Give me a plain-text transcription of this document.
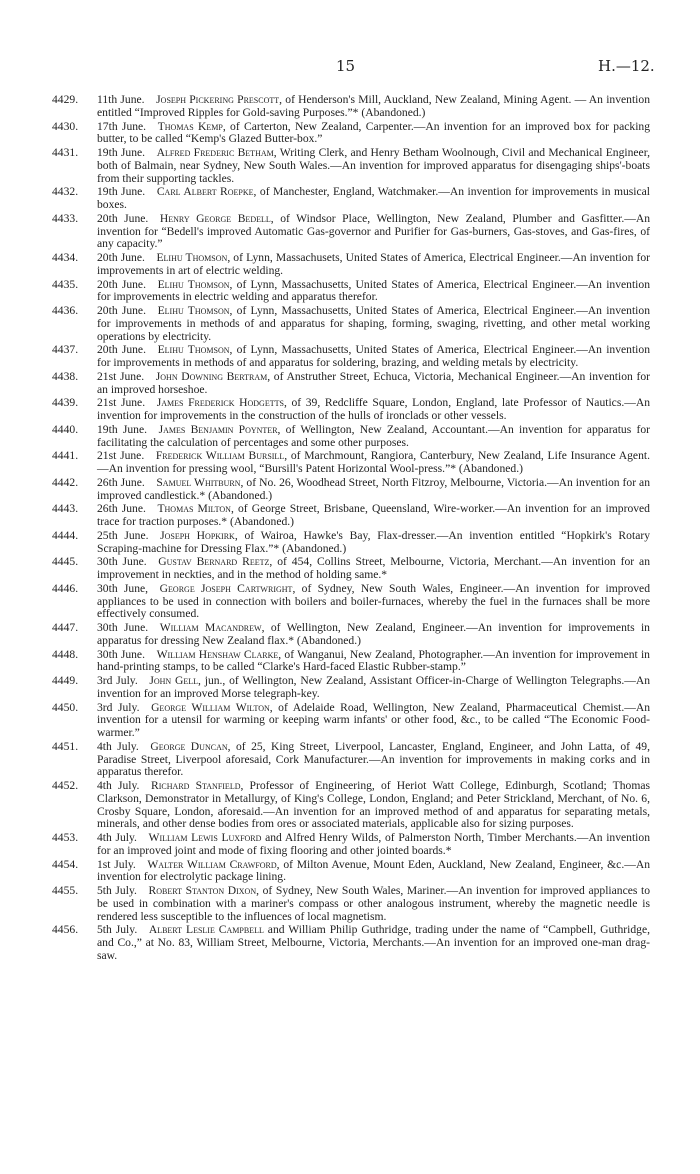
15	H.—12.
4429. 11th June.  Joseph Pickering Prescott, of Henderson's Mill, Auckland, New Zealand, Mining Agent. — An invention entitled “Improved Ripples for Gold-saving Purposes.”* (Abandoned.)
4430. 17th June.  Thomas Kemp, of Carterton, New Zealand, Carpenter.—An invention for an improved box for packing butter, to be called “Kemp's Glazed Butter-box.”
4431. 19th June.  Alfred Frederic Betham, Writing Clerk, and Henry Betham Woolnough, Civil and Mechanical Engineer, both of Balmain, near Sydney, New South Wales.—An invention for improved apparatus for disengaging ships'-boats from their supporting tackles.
4432. 19th June.  Carl Albert Roepke, of Manchester, England, Watchmaker.—An invention for improvements in musical boxes.
4433. 20th June.  Henry George Bedell, of Windsor Place, Wellington, New Zealand, Plumber and Gasfitter.—An invention for “Bedell's improved Automatic Gas-governor and Purifier for Gas-burners, Gas-stoves, and Gas-fires, of any capacity.”
4434. 20th June.  Elihu Thomson, of Lynn, Massachusets, United States of America, Electrical Engineer.—An invention for improvements in art of electric welding.
4435. 20th June.  Elihu Thomson, of Lynn, Massachusetts, United States of America, Electrical Engineer.—An invention for improvements in electric welding and apparatus therefor.
4436. 20th June.  Elihu Thomson, of Lynn, Massachusetts, United States of America, Electrical Engineer.—An invention for improvements in methods of and apparatus for shaping, forming, swaging, rivetting, and other metal working operations by electricity.
4437. 20th June.  Elihu Thomson, of Lynn, Massachusetts, United States of America, Electrical Engineer.—An invention for improvements in methods of and apparatus for soldering, brazing, and welding metals by electricity.
4438. 21st June.  John Downing Bertram, of Anstruther Street, Echuca, Victoria, Mechanical Engineer.—An invention for an improved horseshoe.
4439. 21st June.  James Frederick Hodgetts, of 39, Redcliffe Square, London, England, late Professor of Nautics.—An invention for improvements in the construction of the hulls of ironclads or other vessels.
4440. 19th June.  James Benjamin Poynter, of Wellington, New Zealand, Accountant.—An invention for apparatus for facilitating the calculation of percentages and some other purposes.
4441. 21st June.  Frederick William Bursill, of Marchmount, Rangiora, Canterbury, New Zealand, Life Insurance Agent.—An invention for pressing wool, “Bursill's Patent Horizontal Wool-press.”* (Abandoned.)
4442. 26th June.  Samuel Whitburn, of No. 26, Woodhead Street, North Fitzroy, Melbourne, Victoria.—An invention for an improved candlestick.* (Abandoned.)
4443. 26th June.  Thomas Milton, of George Street, Brisbane, Queensland, Wire-worker.—An invention for an improved trace for traction purposes.* (Abandoned.)
4444. 25th June.  Joseph Hopkirk, of Wairoa, Hawke's Bay, Flax-dresser.—An invention entitled “Hopkirk's Rotary Scraping-machine for Dressing Flax.”* (Abandoned.)
4445. 30th June.  Gustav Bernard Reetz, of 454, Collins Street, Melbourne, Victoria, Merchant.—An invention for an improvement in neckties, and in the method of holding same.*
4446. 30th June,  George Joseph Cartwright, of Sydney, New South Wales, Engineer.—An invention for improved appliances to be used in connection with boilers and boiler-furnaces, whereby the fuel in the furnaces shall be more effectively consumed.
4447. 30th June.  William Macandrew, of Wellington, New Zealand, Engineer.—An invention for improvements in apparatus for dressing New Zealand flax.* (Abandoned.)
4448. 30th June.  William Henshaw Clarke, of Wanganui, New Zealand, Photographer.—An invention for improvement in hand-printing stamps, to be called “Clarke's Hard-faced Elastic Rubber-stamp.”
4449. 3rd July.  John Gell, jun., of Wellington, New Zealand, Assistant Officer-in-Charge of Wellington Telegraphs.—An invention for an improved Morse telegraph-key.
4450. 3rd July.  George William Wilton, of Adelaide Road, Wellington, New Zealand, Pharmaceutical Chemist.—An invention for a utensil for warming or keeping warm infants' or other food, &c., to be called “The Economic Food-warmer.”
4451. 4th July.  George Duncan, of 25, King Street, Liverpool, Lancaster, England, Engineer, and John Latta, of 49, Paradise Street, Liverpool aforesaid, Cork Manufacturer.—An invention for improvements in making corks and in apparatus therefor.
4452. 4th July.  Richard Stanfield, Professor of Engineering, of Heriot Watt College, Edinburgh, Scotland; Thomas Clarkson, Demonstrator in Metallurgy, of King's College, London, England; and Peter Strickland, Merchant, of No. 6, Crosby Square, London, aforesaid.—An invention for an improved method of and apparatus for separating metals, minerals, and other dense bodies from ores or associated materials, applicable also for sizing purposes.
4453. 4th July.  William Lewis Luxford and Alfred Henry Wilds, of Palmerston North, Timber Merchants.—An invention for an improved joint and mode of fixing flooring and other jointed boards.*
4454. 1st July.  Walter William Crawford, of Milton Avenue, Mount Eden, Auckland, New Zealand, Engineer, &c.—An invention for electrolytic package lining.
4455. 5th July.  Robert Stanton Dixon, of Sydney, New South Wales, Mariner.—An invention for improved appliances to be used in combination with a mariner's compass or other analogous instrument, whereby the magnetic needle is rendered less susceptible to the influences of local magnetism.
4456. 5th July.  Albert Leslie Campbell and William Philip Guthridge, trading under the name of “Campbell, Guthridge, and Co.,” at No. 83, William Street, Melbourne, Victoria, Merchants.—An invention for an improved one-man drag-saw.
